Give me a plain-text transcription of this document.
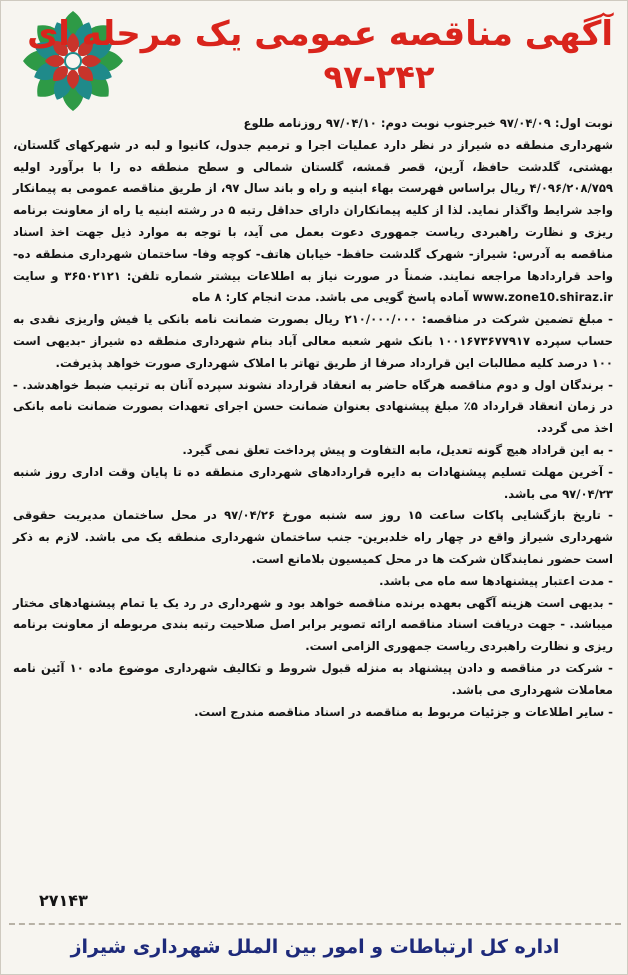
آگهی مناقصه عمومی یک مرحله ای
۹۷-۲۴۲

نوبت اول: ۹۷/۰۴/۰۹ خبرجنوب نوبت دوم: ۹۷/۰۴/۱۰ روزنامه طلوع

شهرداری منطقه ده شیراز در نظر دارد عملیات اجرا و ترمیم جدول، کانیوا و لبه در شهرکهای گلستان، بهشتی، گلدشت حافظ، آرین، قصر قمشه، گلستان شمالی و سطح منطقه ده را با برآورد اولیه ۴/۰۹۶/۲۰۸/۷۵۹ ریال براساس فهرست بهاء ابنیه و راه و باند سال ۹۷، از طریق مناقصه عمومی به پیمانکار واجد شرایط واگذار نماید. لذا از کلیه پیمانکاران دارای حداقل رتبه ۵ در رشته ابنیه یا راه از معاونت برنامه ریزی و نظارت راهبردی ریاست جمهوری دعوت بعمل می آید، با توجه به موارد ذیل جهت اخذ اسناد مناقصه به آدرس: شیراز- شهرک گلدشت حافظ- خیابان هاتف- کوچه وفا- ساختمان شهرداری منطقه ده- واحد قراردادها مراجعه نمایند. ضمناً در صورت نیاز به اطلاعات بیشتر شماره تلفن: ۳۶۵۰۲۱۲۱ و سایت www.zone10.shiraz.ir آماده پاسخ گویی می باشد. مدت انجام کار: ۸ ماه

- مبلغ تضمین شرکت در مناقصه: ۲۱۰/۰۰۰/۰۰۰ ریال بصورت ضمانت نامه بانکی یا فیش واریزی نقدی به حساب سپرده ۱۰۰۱۶۷۳۶۷۷۹۱۷ بانک شهر شعبه معالی آباد بنام شهرداری منطقه ده شیراز -بدیهی است ۱۰۰ درصد کلیه مطالبات این قرارداد صرفا از طریق تهاتر با املاک شهرداری صورت خواهد پذیرفت.

- برندگان اول و دوم مناقصه هرگاه حاضر به انعقاد قرارداد نشوند سپرده آنان به ترتیب ضبط خواهدشد. - در زمان انعقاد قرارداد ۵٪ مبلغ پیشنهادی بعنوان ضمانت حسن اجرای تعهدات بصورت ضمانت نامه بانکی اخذ می گردد.

- به این قراداد هیچ گونه تعدیل، مابه التفاوت و پیش پرداخت تعلق نمی گیرد.

- آخرین مهلت تسلیم پیشنهادات به دایره قراردادهای شهرداری منطقه ده تا پایان وقت اداری روز شنبه ۹۷/۰۴/۲۳ می باشد.

- تاریخ بازگشایی پاکات ساعت ۱۵ روز سه شنبه مورخ ۹۷/۰۴/۲۶ در محل ساختمان مدیریت حقوقی شهرداری شیراز واقع در چهار راه خلدبرین- جنب ساختمان شهرداری منطقه یک می باشد. لازم به ذکر است حضور نمایندگان شرکت ها در محل کمیسیون بلامانع است.

- مدت اعتبار پیشنهادها سه ماه می باشد.

- بدیهی است هزینه آگهی بعهده برنده مناقصه خواهد بود و شهرداری در رد یک یا تمام پیشنهادهای مختار میباشد. - جهت دریافت اسناد مناقصه ارائه تصویر برابر اصل صلاحیت رتبه بندی مربوطه از معاونت برنامه ریزی و نظارت راهبردی ریاست جمهوری الزامی است.

- شرکت در مناقصه و دادن پیشنهاد به منزله قبول شروط و تکالیف شهرداری موضوع ماده ۱۰ آئین نامه معاملات شهرداری می باشد.

- سایر اطلاعات و جزئیات مربوط به مناقصه در اسناد مناقصه مندرج است.

۲۷۱۴۳
اداره کل ارتباطات و امور بین الملل شهرداری شیراز
